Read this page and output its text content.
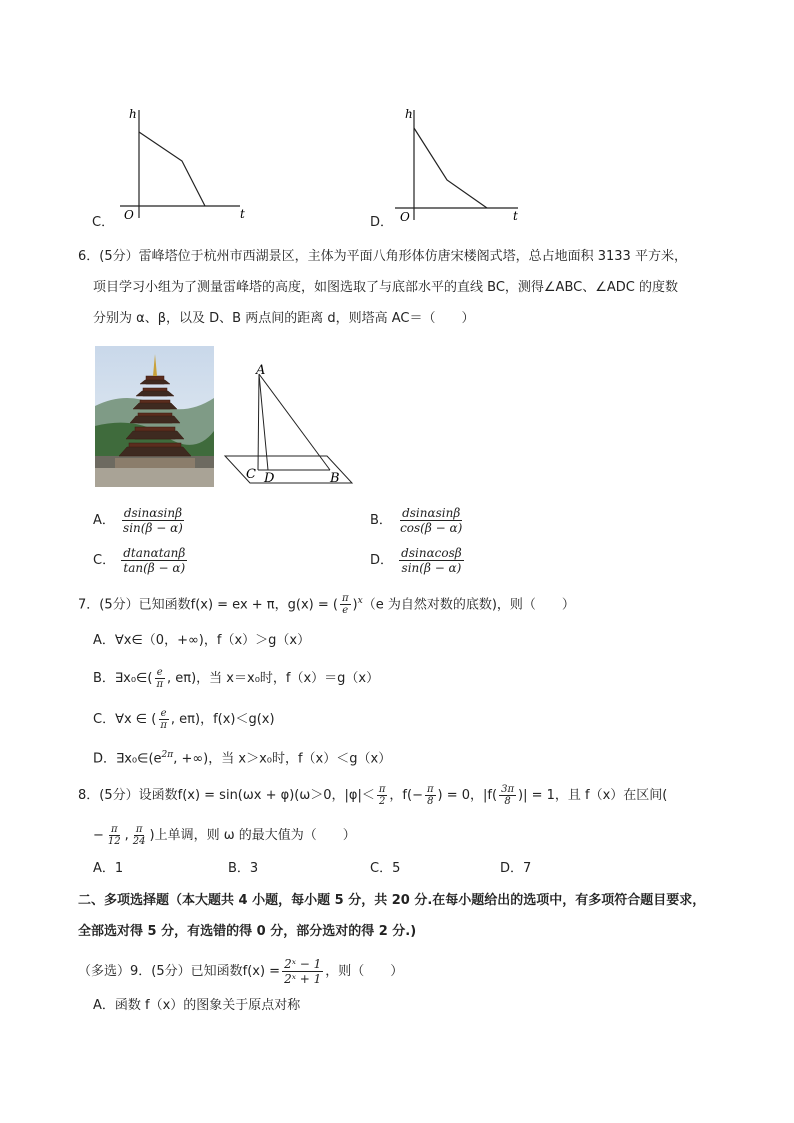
h
t
O
C．
h
t
O
D．
6．(5分）雷峰塔位于杭州市西湖景区，主体为平面八角形体仿唐宋楼阁式塔，总占地面积 3133 平方米，
项目学习小组为了测量雷峰塔的高度，如图选取了与底部水平的直线 BC，测得∠ABC、∠ADC 的度数
分别为 α、β，以及 D、B 两点间的距离 d，则塔高 AC＝（　　）
A
C D	B
A． $\frac{dsin\alpha\sin\beta}{\sin(\beta - \alpha)}$	B． $\frac{dsin\alpha\sin\beta}{\cos(\beta - \alpha)}$
C． $\frac{dtan\alpha\tan\beta}{\tan(\beta - \alpha)}$	D． $\frac{dsin\alpha\cos\beta}{\sin(\beta - \alpha)}$
7．(5分）已知函数f(x) = ex + π，g(x) = ( $\frac{\pi}{e} )^x(e$ 为自然对数的底数)，则（　　）
A．∀x∈（0，+∞)，f（x）＞g（x）
B．∃x₀∈( $\frac{e}{\pi}$ , eπ)，当 x＝x₀时，f（x）＝g（x）
C．∀x ∈ ( $\frac{e}{\pi}$ , eπ)，f(x)＜g(x)
D．$\exists x_0\in(e^{2\pi}$, +∞)，当 x＞x₀时，f（x）＜g（x）
8．(5分）设函数f(x) = sin(ωx + φ)(ω＞0，$|\varphi|< \frac{\pi}{2}$ ，$f(- \frac{\pi}{8}$ ) = 0，$|f( \frac{3\pi}{8}$ )| = 1，且 f（x）在区间(
− $\frac{\pi}{12}$ , $\frac{\pi}{24}$ )上单调，则 ω 的最大值为（　　）
A．1	B．3	C．5	D．7
二、多项选择题（本大题共 4 小题，每小题 5 分，共 20 分.在每小题给出的选项中，有多项符合题目要求，
全部选对得 5 分，有选错的得 0 分，部分选对的得 2 分.)
（多选）9．(5分）已知函数$f(x) = \frac{\text{2ˣ − 1}}{\text{2ˣ + 1}}$ ，则（　　）
A．函数 f（x）的图象关于原点对称
